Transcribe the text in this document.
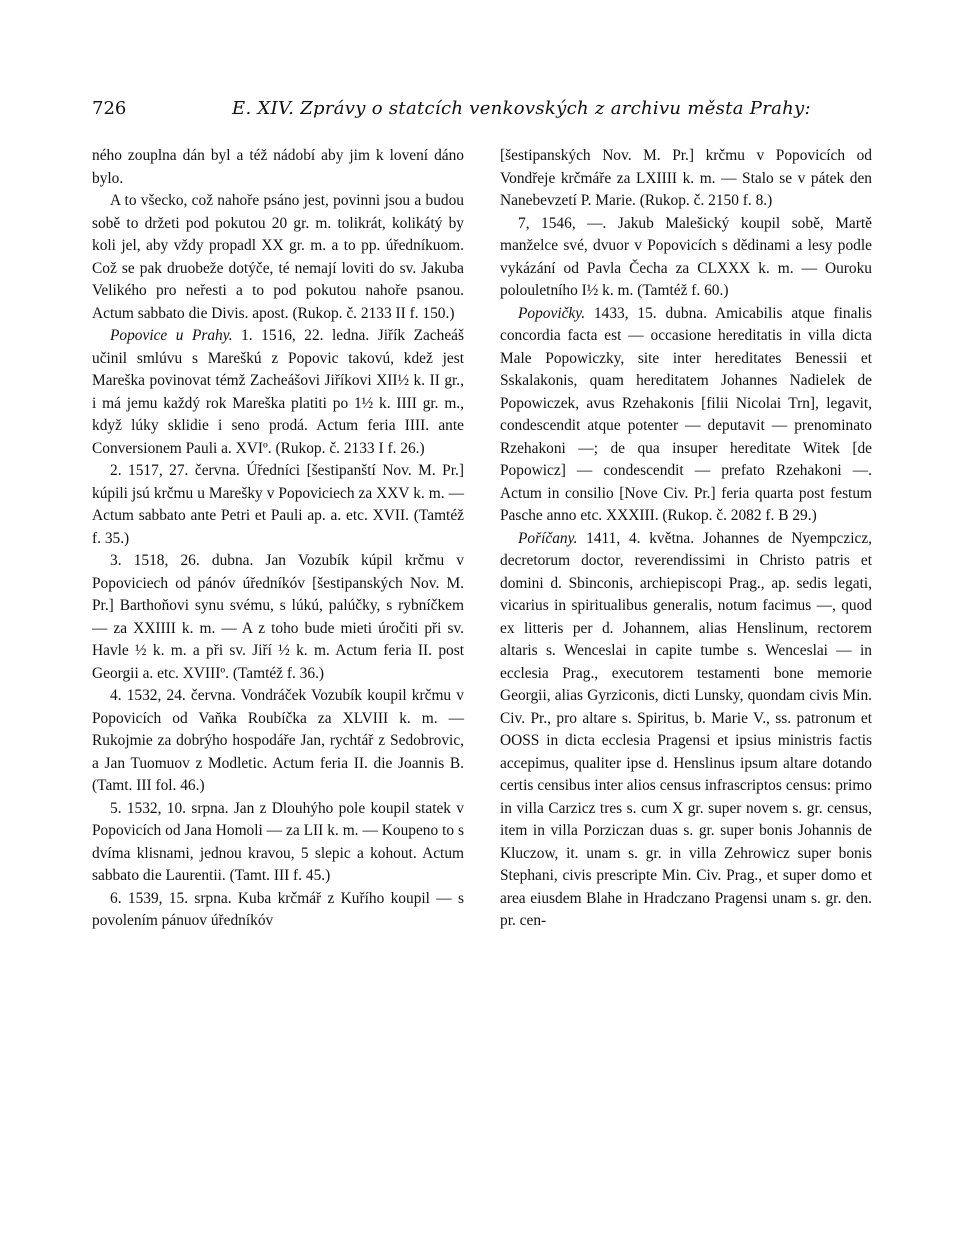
726	E. XIV. Zprávy o statcích venkovských z archivu města Prahy:

ného zouplna dán byl a též nádobí aby jim k lovení dáno bylo.

A to všecko, což nahoře psáno jest, povinni jsou a budou sobě to držeti pod pokutou 20 gr. m. tolikrát, kolikátý by koli jel, aby vždy propadl XX gr. m. a to pp. úředníkuom. Což se pak druobeže dotýče, té nemají loviti do sv. Jakuba Velikého pro neřesti a to pod pokutou nahoře psanou. Actum sabbato die Divis. apost. (Rukop. č. 2133 II f. 150.)

Popovice u Prahy. 1. 1516, 22. ledna. Jiřík Zacheáš učinil smlúvu s Mareškú z Popovic takovú, kdež jest Mareška povinovat témž Zacheášovi Jiříkovi XII½ k. II gr., i má jemu každý rok Mareška platiti po 1½ k. IIII gr. m., když lúky sklidie i seno prodá. Actum feria IIII. ante Conversionem Pauli a. XVIº. (Rukop. č. 2133 I f. 26.)

2. 1517, 27. června. Úředníci [šestipanští Nov. M. Pr.] kúpili jsú krčmu u Marešky v Popoviciech za XXV k. m. — Actum sabbato ante Petri et Pauli ap. a. etc. XVII. (Tamtéž f. 35.)

3. 1518, 26. dubna. Jan Vozubík kúpil krčmu v Popoviciech od pánóv úředníkóv [šestipanských Nov. M. Pr.] Barthoňovi synu svému, s lúkú, palúčky, s rybníčkem — za XXIIII k. m. — A z toho bude mieti úročiti při sv. Havle ½ k. m. a při sv. Jiří ½ k. m. Actum feria II. post Georgii a. etc. XVIIIº. (Tamtéž f. 36.)

4. 1532, 24. června. Vondráček Vozubík koupil krčmu v Popovicích od Vaňka Roubíčka za XLVIII k. m. — Rukojmie za dobrýho hospodáře Jan, rychtář z Sedobrovic, a Jan Tuomuov z Modletic. Actum feria II. die Joannis B. (Tamt. III fol. 46.)

5. 1532, 10. srpna. Jan z Dlouhýho pole koupil statek v Popovicích od Jana Homoli — za LII k. m. — Koupeno to s dvíma klisnami, jednou kravou, 5 slepic a kohout. Actum sabbato die Laurentii. (Tamt. III f. 45.)

6. 1539, 15. srpna. Kuba krčmář z Kuřího koupil — s povolením pánuov úředníkóv

[šestipanských Nov. M. Pr.] krčmu v Popovicích od Vondřeje krčmáře za LXIIII k. m. — Stalo se v pátek den Nanebevzetí P. Marie. (Rukop. č. 2150 f. 8.)

7, 1546, —. Jakub Malešický koupil sobě, Martě manželce své, dvuor v Popovicích s dědinami a lesy podle vykázání od Pavla Čecha za CLXXX k. m. — Ouroku polouletního I½ k. m. (Tamtéž f. 60.)

Popovičky. 1433, 15. dubna. Amicabilis atque finalis concordia facta est — occasione hereditatis in villa dicta Male Popowiczky, site inter hereditates Benessii et Sskalakonis, quam hereditatem Johannes Nadielek de Popowiczek, avus Rzehakonis [filii Nicolai Trn], legavit, condescendit atque potenter — deputavit — prenominato Rzehakoni —; de qua insuper hereditate Witek [de Popowicz] — condescendit — prefato Rzehakoni —. Actum in consilio [Nove Civ. Pr.] feria quarta post festum Pasche anno etc. XXXIII. (Rukop. č. 2082 f. B 29.)

Poříčany. 1411, 4. května. Johannes de Nyempczicz, decretorum doctor, reverendissimi in Christo patris et domini d. Sbinconis, archiepiscopi Prag., ap. sedis legati, vicarius in spiritualibus generalis, notum facimus —, quod ex litteris per d. Johannem, alias Henslinum, rectorem altaris s. Wenceslai in capite tumbe s. Wenceslai — in ecclesia Prag., executorem testamenti bone memorie Georgii, alias Gyrziconis, dicti Lunsky, quondam civis Min. Civ. Pr., pro altare s. Spiritus, b. Marie V., ss. patronum et OOSS in dicta ecclesia Pragensi et ipsius ministris factis accepimus, qualiter ipse d. Henslinus ipsum altare dotando certis censibus inter alios census infrascriptos census: primo in villa Carzicz tres s. cum X gr. super novem s. gr. census, item in villa Porziczan duas s. gr. super bonis Johannis de Kluczow, it. unam s. gr. in villa Zehrowicz super bonis Stephani, civis prescripte Min. Civ. Prag., et super domo et area eiusdem Blahe in Hradczano Pragensi unam s. gr. den. pr. cen-
